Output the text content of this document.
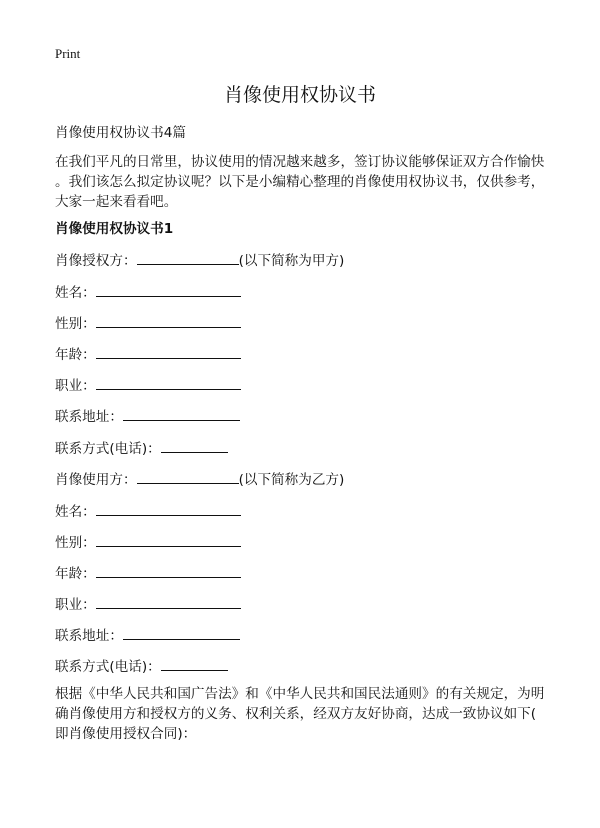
Print
肖像使用权协议书
肖像使用权协议书4篇
在我们平凡的日常里，协议使用的情况越来越多，签订协议能够保证双方合作愉快
。我们该怎么拟定协议呢？以下是小编精心整理的肖像使用权协议书，仅供参考，
大家一起来看看吧。
肖像使用权协议书1
肖像授权方：	(以下简称为甲方)
姓名：
性别：
年龄：
职业：
联系地址：
联系方式(电话)：
肖像使用方：	(以下简称为乙方)
姓名：
性别：
年龄：
职业：
联系地址：
联系方式(电话)：
根据《中华人民共和国广告法》和《中华人民共和国民法通则》的有关规定，为明
确肖像使用方和授权方的义务、权利关系，经双方友好协商，达成一致协议如下(
即肖像使用授权合同)：
